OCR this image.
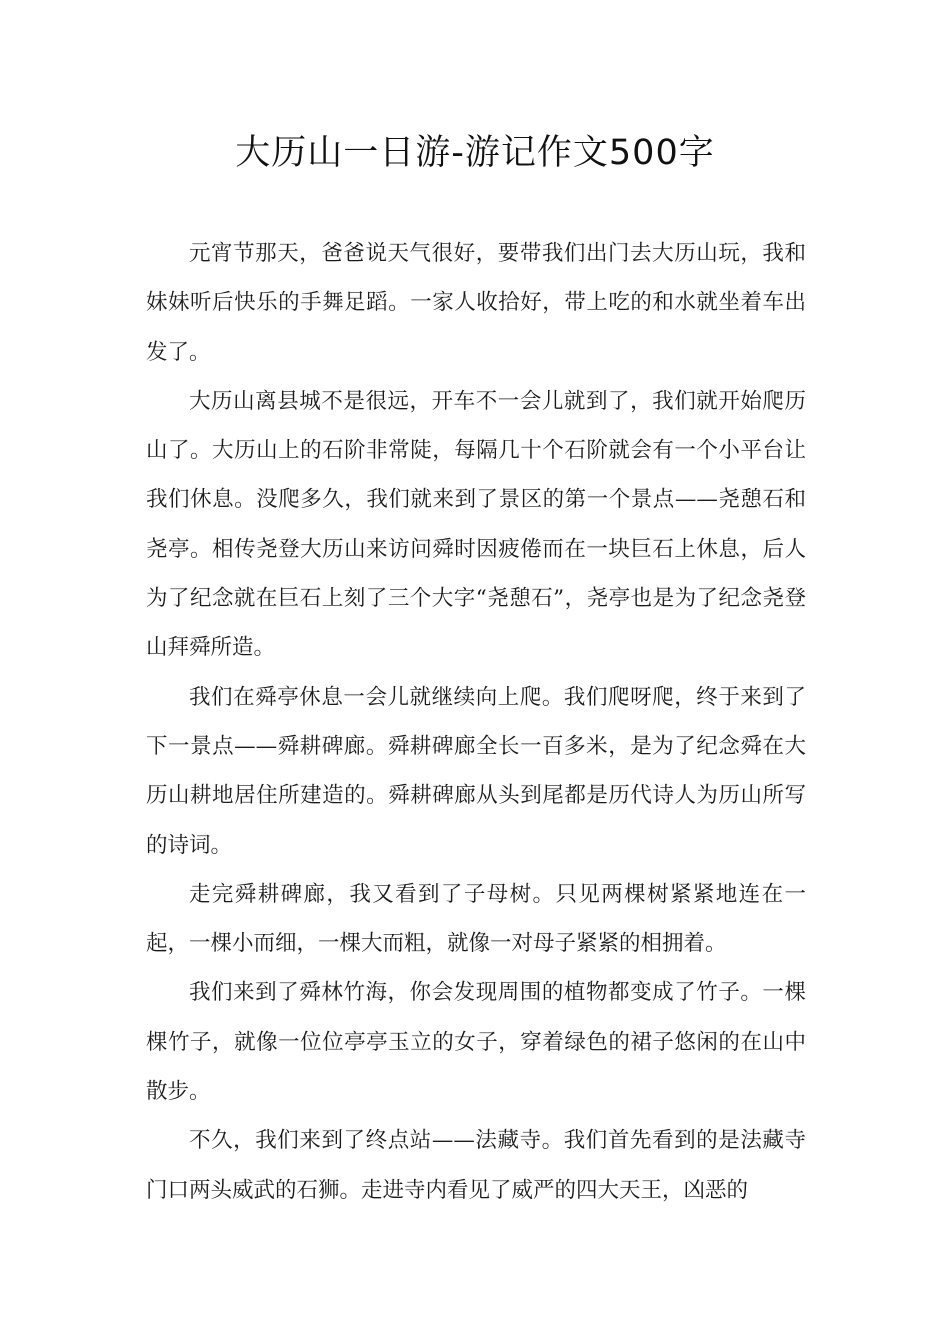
大历山一日游-游记作文500字

元宵节那天，爸爸说天气很好，要带我们出门去大历山玩，我和妹妹听后快乐的手舞足蹈。一家人收拾好，带上吃的和水就坐着车出发了。

大历山离县城不是很远，开车不一会儿就到了，我们就开始爬历山了。大历山上的石阶非常陡，每隔几十个石阶就会有一个小平台让我们休息。没爬多久，我们就来到了景区的第一个景点——尧憩石和尧亭。相传尧登大历山来访问舜时因疲倦而在一块巨石上休息，后人为了纪念就在巨石上刻了三个大字“尧憩石”，尧亭也是为了纪念尧登山拜舜所造。

我们在舜亭休息一会儿就继续向上爬。我们爬呀爬，终于来到了下一景点——舜耕碑廊。舜耕碑廊全长一百多米，是为了纪念舜在大历山耕地居住所建造的。舜耕碑廊从头到尾都是历代诗人为历山所写的诗词。

走完舜耕碑廊，我又看到了子母树。只见两棵树紧紧地连在一起，一棵小而细，一棵大而粗，就像一对母子紧紧的相拥着。

我们来到了舜林竹海，你会发现周围的植物都变成了竹子。一棵棵竹子，就像一位位亭亭玉立的女子，穿着绿色的裙子悠闲的在山中散步。

不久，我们来到了终点站——法藏寺。我们首先看到的是法藏寺门口两头威武的石狮。走进寺内看见了威严的四大天王，凶恶的
